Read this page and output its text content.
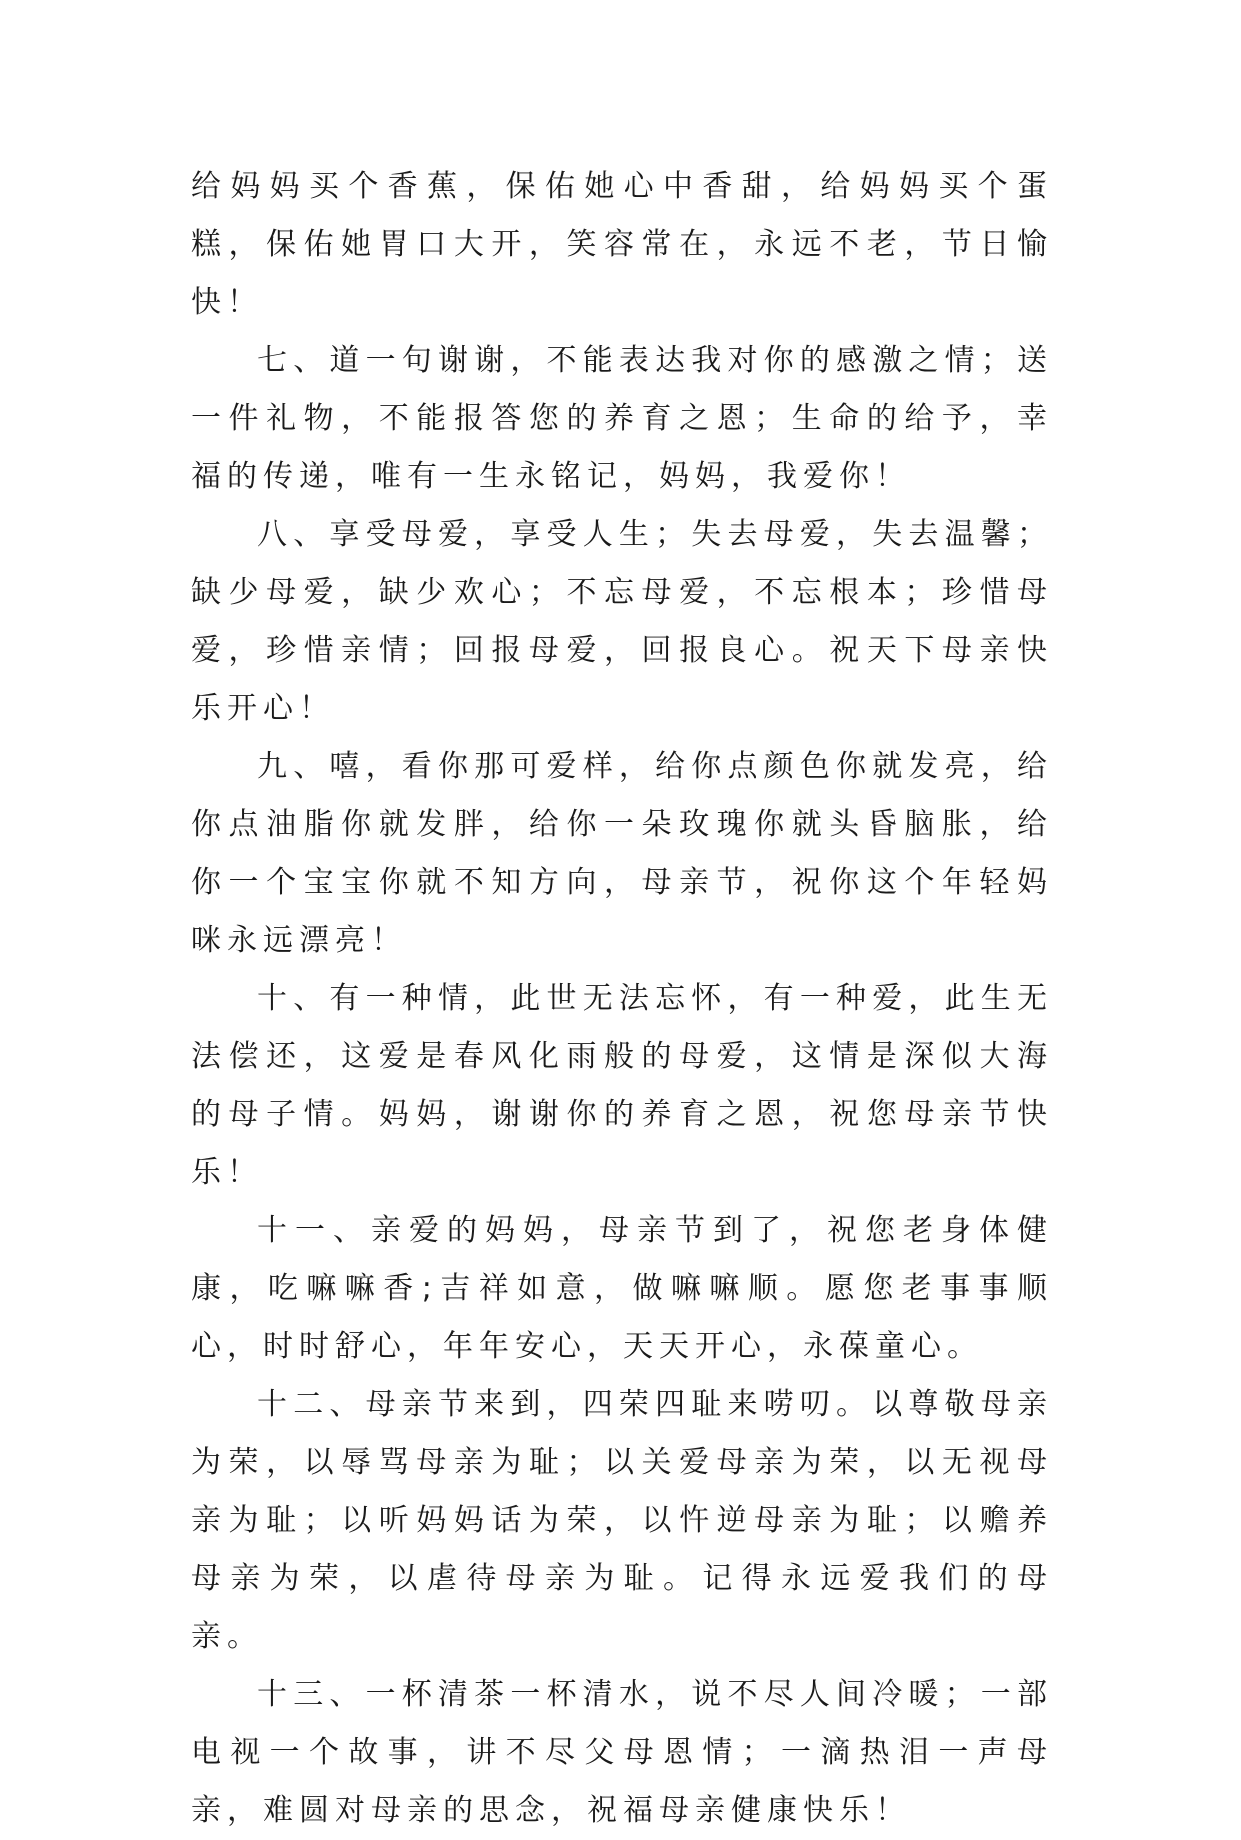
给妈妈买个香蕉，保佑她心中香甜，给妈妈买个蛋糕，保佑她胃口大开，笑容常在，永远不老，节日愉快！

七、道一句谢谢，不能表达我对你的感激之情；送一件礼物，不能报答您的养育之恩；生命的给予，幸福的传递，唯有一生永铭记，妈妈，我爱你！

八、享受母爱，享受人生；失去母爱，失去温馨；缺少母爱，缺少欢心；不忘母爱，不忘根本；珍惜母爱，珍惜亲情；回报母爱，回报良心。祝天下母亲快乐开心！

九、嘻，看你那可爱样，给你点颜色你就发亮，给你点油脂你就发胖，给你一朵玫瑰你就头昏脑胀，给你一个宝宝你就不知方向，母亲节，祝你这个年轻妈咪永远漂亮！

十、有一种情，此世无法忘怀，有一种爱，此生无法偿还，这爱是春风化雨般的母爱，这情是深似大海的母子情。妈妈，谢谢你的养育之恩，祝您母亲节快乐！

十一、亲爱的妈妈，母亲节到了，祝您老身体健康，吃嘛嘛香;吉祥如意，做嘛嘛顺。愿您老事事顺心，时时舒心，年年安心，天天开心，永葆童心。

十二、母亲节来到，四荣四耻来唠叨。以尊敬母亲为荣，以辱骂母亲为耻；以关爱母亲为荣，以无视母亲为耻；以听妈妈话为荣，以忤逆母亲为耻；以赡养母亲为荣，以虐待母亲为耻。记得永远爱我们的母亲。

十三、一杯清茶一杯清水，说不尽人间冷暖；一部电视一个故事，讲不尽父母恩情；一滴热泪一声母亲，难圆对母亲的思念，祝福母亲健康快乐！
